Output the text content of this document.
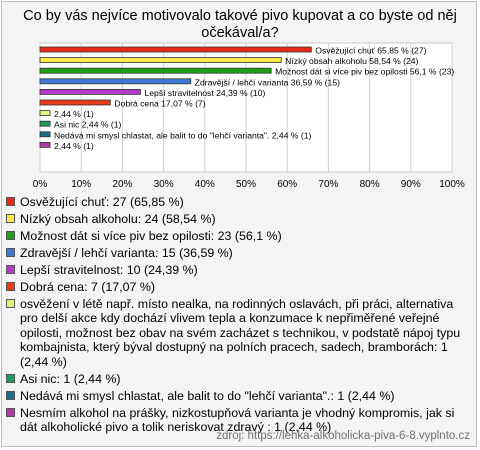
Co by vás nejvíce motivovalo takové pivo kupovat a co byste od něj očekával/a?
0% 10% 20% 30% 40% 50% 60% 70% 80% 90% 100%
Osvěžující chuť 65,85 % (27)
Nízký obsah alkoholu 58,54 % (24)
Možnost dát si více piv bez opilosti 56,1 % (23)
Zdravější / lehčí varianta 36,59 % (15)
Lepší stravitelnost 24,39 % (10)
Dobrá cena 17,07 % (7)
2,44 % (1)
Asi nic 2,44 % (1)
Nedává mi smysl chlastat, ale balit to do "lehčí varianta". 2,44 % (1)
2,44 % (1)
Osvěžující chuť: 27 (65,85 %)
Nízký obsah alkoholu: 24 (58,54 %)
Možnost dát si více piv bez opilosti: 23 (56,1 %)
Zdravější / lehčí varianta: 15 (36,59 %)
Lepší stravitelnost: 10 (24,39 %)
Dobrá cena: 7 (17,07 %)
osvěžení v létě např. místo nealka, na rodinných oslavách, při práci, alternativa pro delší akce kdy dochází vlivem tepla a konzumace k nepřiměřené veřejné opilosti, možnost bez obav na svém zacházet s technikou, v podstatě nápoj typu kombajnista, který býval dostupný na polních pracech, sadech, bramborách: 1 (2,44 %)
Asi nic: 1 (2,44 %)
Nedává mi smysl chlastat, ale balit to do "lehčí varianta".: 1 (2,44 %)
Nesmím alkohol na prášky, nizkostupňová varianta je vhodný kompromis, jak si dát alkoholické pivo a tolik neriskovat zdravý : 1 (2,44 %)
zdroj: https://lehka-alkoholicka-piva-6-8.vyplnto.cz
